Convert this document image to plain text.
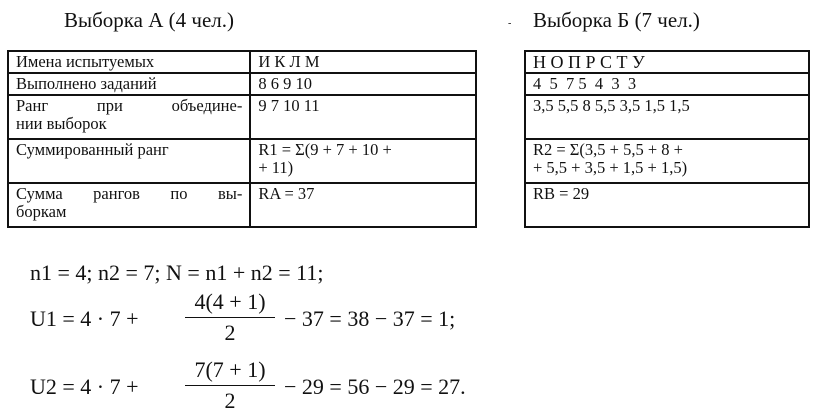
Выборка А (4 чел.)	- Выборка Б (7 чел.)
Имена испытуемых	И К Л М
Выполнено заданий	8 6 9 10

Ранг при объедине-
нии выборок	9 7 10 11
Суммированный ранг	R1 = Σ(9 + 7 + 10 +
+ 11)

Сумма рангов по вы-
боркам	RA = 37
Н О П Р С Т У
4  5  7 5  4  3  3
3,5 5,5 8 5,5 3,5 1,5 1,5

R2 = Σ(3,5 + 5,5 + 8 +
+ 5,5 + 3,5 + 1,5 + 1,5)

RB = 29
n1 = 4; n2 = 7; N = n1 + n2 = 11;
$U1 = 4 \cdot 7 + \frac{4(4 + 1)}{2} - 37 = 38 - 37 = 1$;
$U2 = 4 \cdot 7 + \frac{7(7 + 1)}{2} - 29 = 56 - 29 = 27$.
